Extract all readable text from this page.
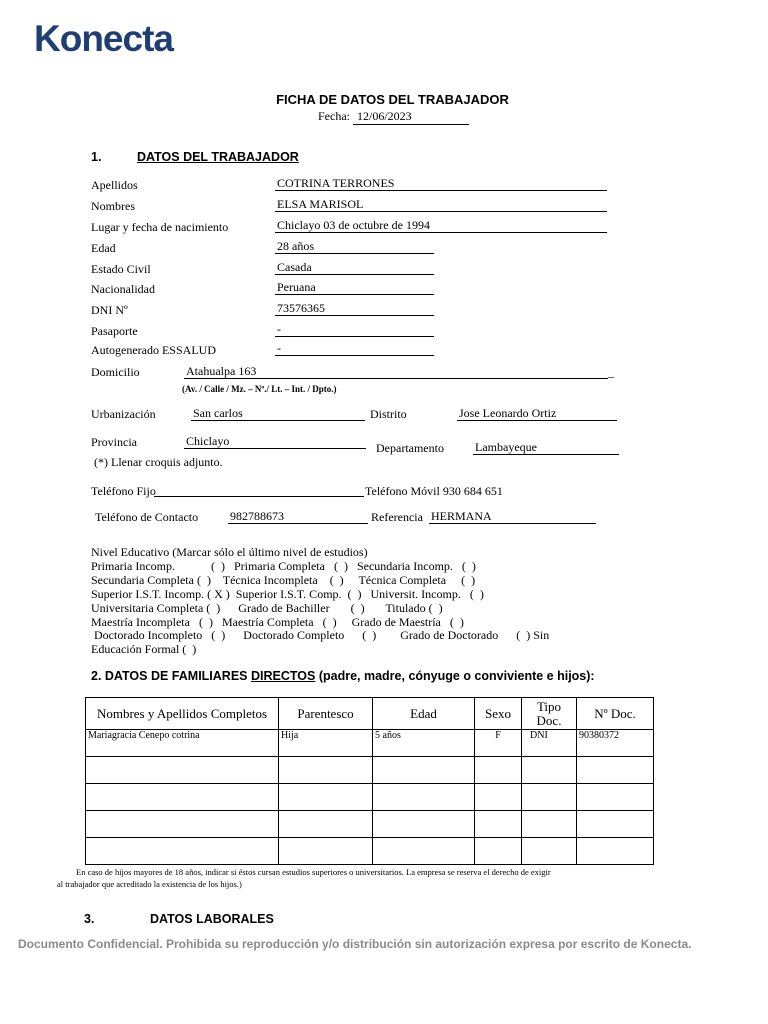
Konecta
FICHA DE DATOS DEL TRABAJADOR
Fecha: 12/06/2023
1.	DATOS DEL TRABAJADOR
Apellidos	COTRINA TERRONES
Nombres	ELSA MARISOL
Lugar y fecha de nacimiento	Chiclayo 03 de octubre de 1994
Edad	28 años
Estado Civil	Casada
Nacionalidad	Peruana
DNI Nº	73576365
Pasaporte	-
Autogenerado ESSALUD	-
Domicilio	Atahualpa 163	_
(Av. / Calle / Mz. – Nº./ Lt. – Int. / Dpto.)
Urbanización	San carlos	Distrito	Jose Leonardo Ortiz
Provincia	Chiclayo	Departamento	Lambayeque
(*) Llenar croquis adjunto.
Teléfono Fijo	Teléfono Móvil 930 684 651
Teléfono de Contacto	982788673	Referencia HERMANA
Nivel Educativo (Marcar sólo el último nivel de estudios)
Primaria Incomp.            (  )   Primaria Completa   (  )   Secundaria Incomp.   (  )
Secundaria Completa (  )    Técnica Incompleta    (  )     Técnica Completa     (  )
Superior I.S.T. Incomp. ( X )  Superior I.S.T. Comp.  (  )   Universit. Incomp.   (  )
Universitaria Completa (  )      Grado de Bachiller       (  )       Titulado (  )
Maestría Incompleta   (  )   Maestría Completa   (  )     Grado de Maestría   (  )
Doctorado Incompleto   (  )      Doctorado Completo      (  )        Grado de Doctorado      (  ) Sin
Educación Formal (  )
2. DATOS DE FAMILIARES DIRECTOS (padre, madre, cónyuge o conviviente e hijos):
Nombres y Apellidos Completos	Parentesco	Edad	Sexo	Tipo Doc.	Nº Doc.
Mariagracia Cenepo cotrina	Hija	5 años	F	DNI	90380372

En caso de hijos mayores de 18 años, indicar si éstos cursan estudios superiores o universitarios. La empresa se reserva el derecho de exigir
al trabajador que acreditado la existencia de los hijos.)
3.	DATOS LABORALES
Documento Confidencial. Prohibida su reproducción y/o distribución sin autorización expresa por escrito de Konecta.
